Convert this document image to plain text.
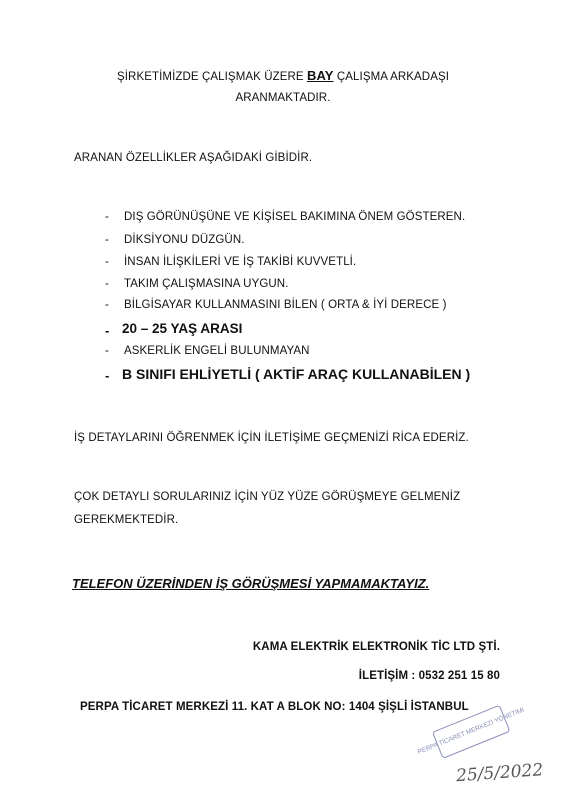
ŞİRKETİMİZDE ÇALIŞMAK ÜZERE BAY ÇALIŞMA ARKADAŞI
ARANMAKTADIR.
ARANAN ÖZELLİKLER AŞAĞIDAKİ GİBİDİR.
- DIŞ GÖRÜNÜŞÜNE VE KİŞİSEL BAKIMINA ÖNEM GÖSTEREN.
- DİKSİYONU DÜZGÜN.
- İNSAN İLİŞKİLERİ VE İŞ TAKİBİ KUVVETLİ.
- TAKIM ÇALIŞMASINA UYGUN.
- BİLGİSAYAR KULLANMASINI BİLEN ( ORTA & İYİ DERECE )
- 20 – 25 YAŞ ARASI
- ASKERLİK ENGELİ BULUNMAYAN
- B SINIFI EHLİYETLİ ( AKTİF ARAÇ KULLANABİLEN )
İŞ DETAYLARINI ÖĞRENMEK İÇİN İLETİŞİME GEÇMENİZİ RİCA EDERİZ.
ÇOK DETAYLI SORULARINIZ İÇİN YÜZ YÜZE GÖRÜŞMEYE GELMENİZ
GEREKMEKTEDİR.
TELEFON ÜZERİNDEN İŞ GÖRÜŞMESİ YAPMAMAKTAYIZ.
KAMA ELEKTRİK ELEKTRONİK TİC LTD ŞTİ.
İLETİŞİM : 0532 251 15 80
PERPA TİCARET MERKEZİ 11. KAT A BLOK NO: 1404 ŞİŞLİ İSTANBUL
PERPA TİCARET MERKEZİ YÖNETİMİ
25/5/2022
